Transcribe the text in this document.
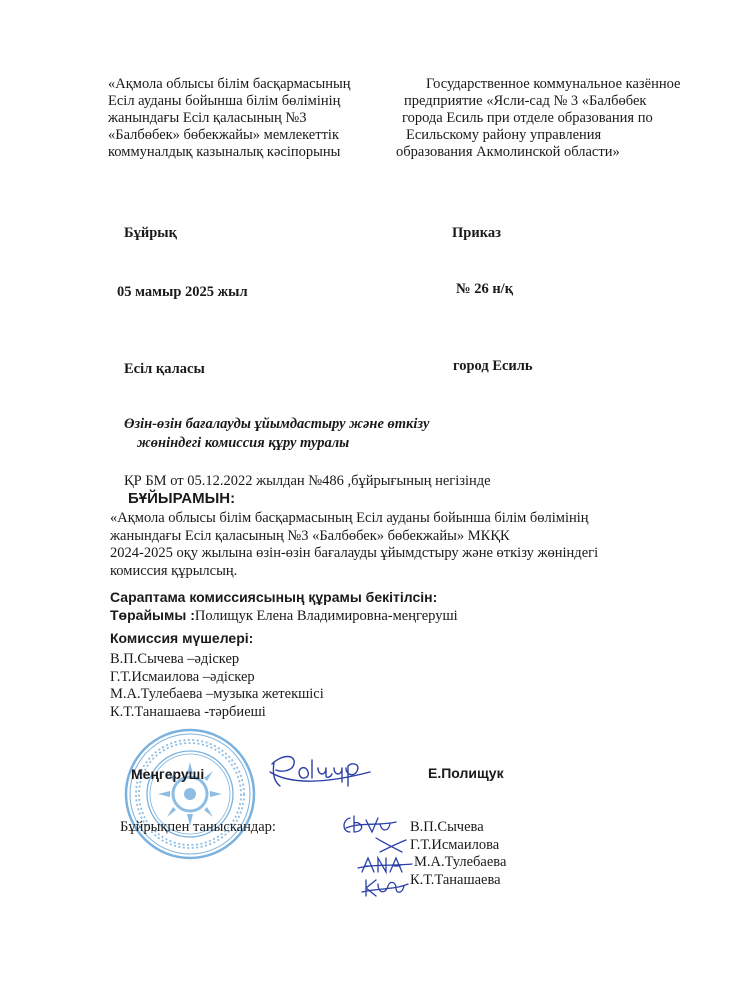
«Ақмола облысы білім басқармасының
Есіл ауданы бойынша білім бөлімінің
жанындағы Есіл қаласының №3
«Балбөбек» бөбекжайы» мемлекеттік
коммуналдық казыналық кәсіпорыны
Государственное коммунальное казённое
предприятие «Ясли-сад № 3 «Балбөбек
города Есиль при отделе образования по
Есильскому району управления
образования Акмолинской области»
Бұйрық	Приказ
05 мамыр 2025 жыл	№ 26 н/қ
Есіл қаласы	город Есиль
Өзін-өзін бағалауды ұйымдастыру және өткізу
жөніндегі комиссия құру туралы
ҚР БМ от 05.12.2022 жылдан №486 ,бұйрығының негізінде
БҰЙЫРАМЫН:
«Ақмола облысы білім басқармасының Есіл ауданы бойынша білім бөлімінің
жанындағы Есіл қаласының №3 «Балбөбек» бөбекжайы» МКҚК
2024-2025 оқу жылына өзін-өзін бағалауды ұйымдстыру және өткізу жөніндегі
комиссия құрылсың.
Сараптама комиссиясының құрамы бекітілсін:
Төрайымы :Полищук Елена Владимировна-меңгеруші
Комиссия мүшелері:
В.П.Сычева –әдіскер
Г.Т.Исмаилова –әдіскер
М.А.Тулебаева –музыка жетекшісі
К.Т.Танашаева -тәрбиеші
Меңгеруші	Е.Полищук
Бұйрықпен таныскандар:	В.П.Сычева
Г.Т.Исмаилова
М.А.Тулебаева
К.Т.Танашаева
